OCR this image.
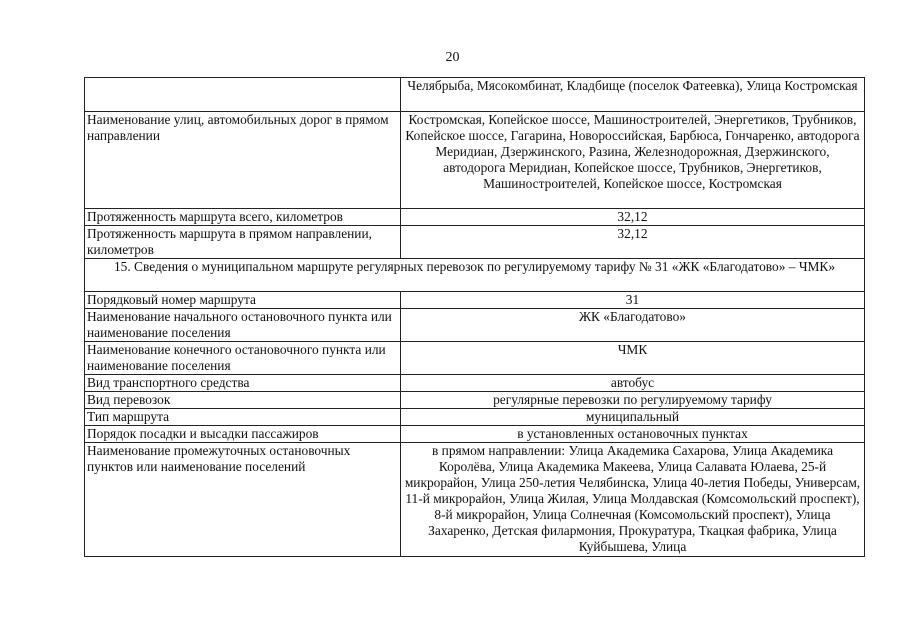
20
	Челябрыба, Мясокомбинат, Кладбище (поселок Фатеевка), Улица Костромская
Наименование улиц, автомобильных дорог в прямом направлении	Костромская, Копейское шоссе, Машиностроителей, Энергетиков, Трубников, Копейское шоссе, Гагарина, Новороссийская, Барбюса, Гончаренко, автодорога Меридиан, Дзержинского, Разина, Железнодорожная, Дзержинского, автодорога Меридиан, Копейское шоссе, Трубников, Энергетиков, Машиностроителей, Копейское шоссе, Костромская
Протяженность маршрута всего, километров	32,12
Протяженность маршрута в прямом направлении, километров	32,12
15. Сведения о муниципальном маршруте регулярных перевозок по регулируемому тарифу № 31 «ЖК «Благодатово» – ЧМК»	
Порядковый номер маршрута	31
Наименование начального остановочного пункта или наименование поселения	ЖК «Благодатово»
Наименование конечного остановочного пункта или наименование поселения	ЧМК
Вид транспортного средства	автобус
Вид перевозок	регулярные перевозки по регулируемому тарифу
Тип маршрута	муниципальный
Порядок посадки и высадки пассажиров	в установленных остановочных пунктах
Наименование промежуточных остановочных пунктов или наименование поселений	в прямом направлении: Улица Академика Сахарова, Улица Академика Королёва, Улица Академика Макеева, Улица Салавата Юлаева, 25-й микрорайон, Улица 250-летия Челябинска, Улица 40-летия Победы, Универсам, 11-й микрорайон, Улица Жилая, Улица Молдавская (Комсомольский проспект), 8-й микрорайон, Улица Солнечная (Комсомольский проспект), Улица Захаренко, Детская филармония, Прокуратура, Ткацкая фабрика, Улица Куйбышева, Улица
